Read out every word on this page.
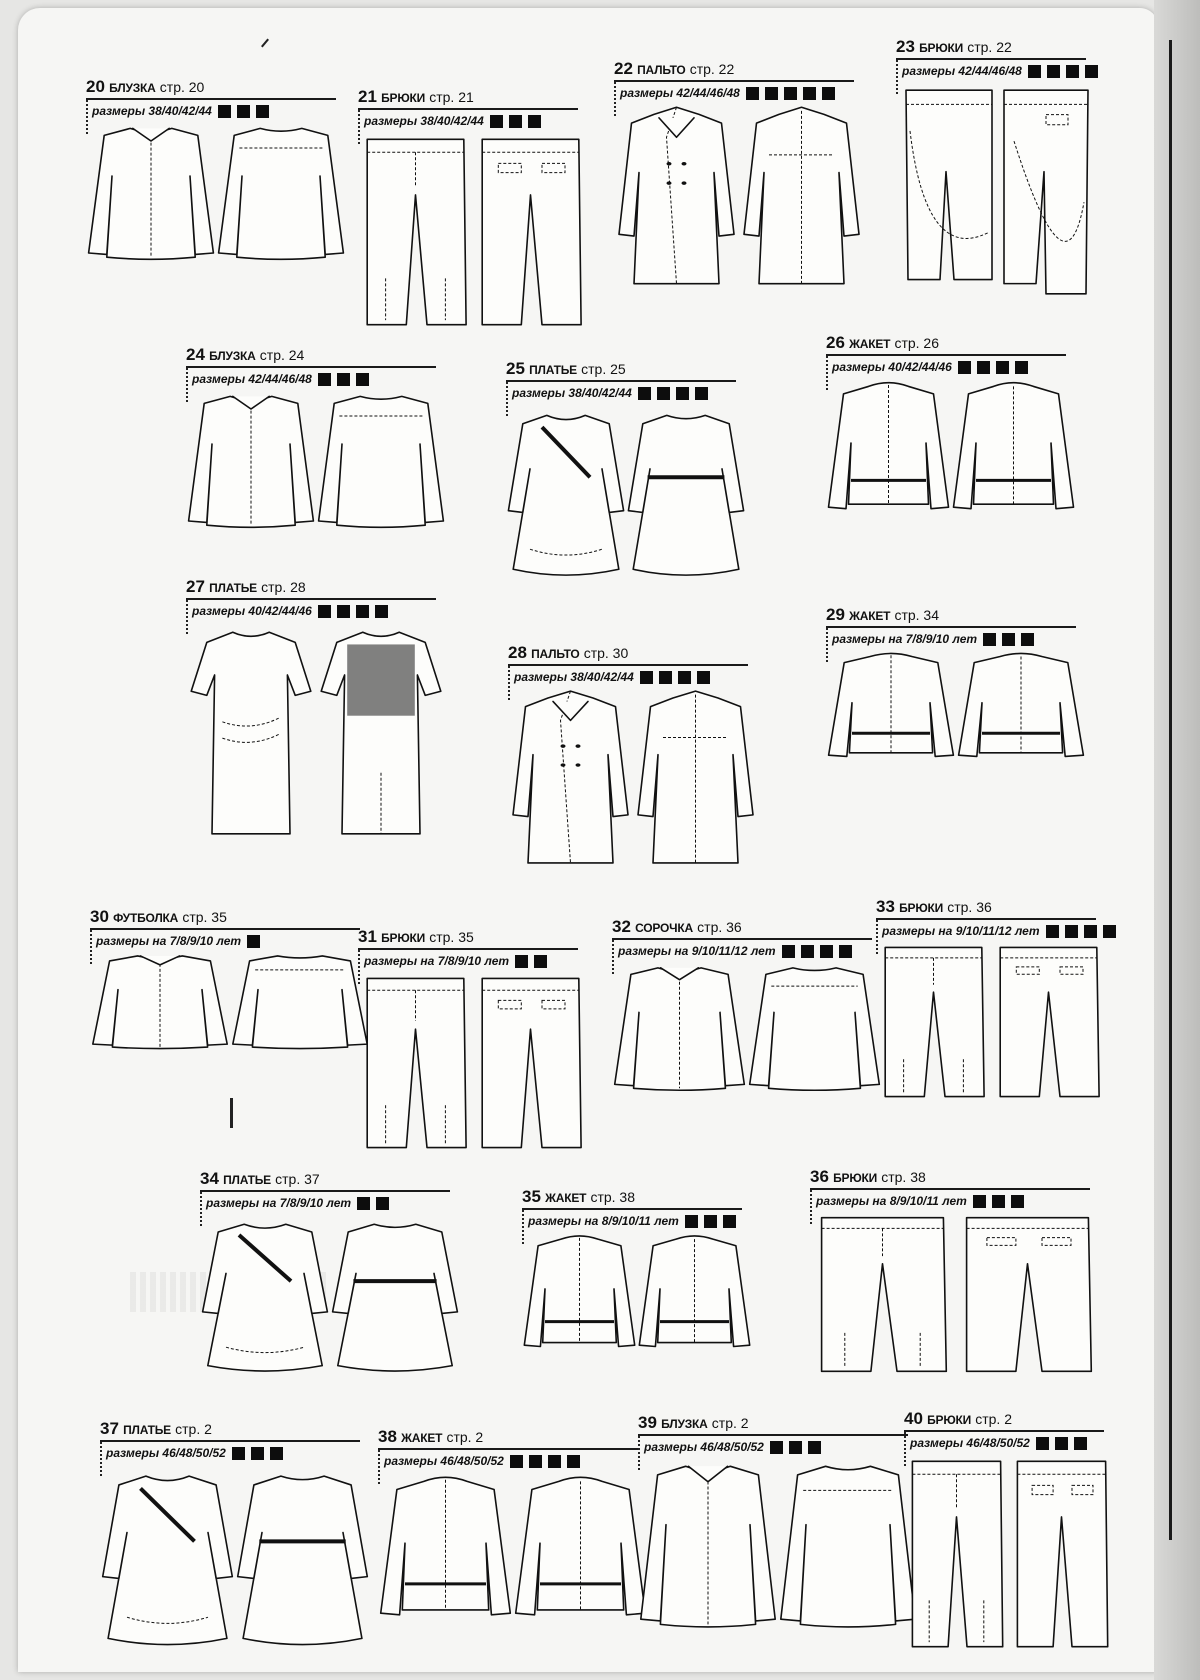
20 БЛУЗКА стр. 20
размеры 38/40/42/44
21 БРЮКИ стр. 21
размеры 38/40/42/44
22 ПАЛЬТО стр. 22
размеры 42/44/46/48
23 БРЮКИ стр. 22
размеры 42/44/46/48
24 БЛУЗКА стр. 24
размеры 42/44/46/48
25 ПЛАТЬЕ стр. 25
размеры 38/40/42/44
26 ЖАКЕТ стр. 26
размеры 40/42/44/46
27 ПЛАТЬЕ стр. 28
размеры 40/42/44/46
28 ПАЛЬТО стр. 30
размеры 38/40/42/44
29 ЖАКЕТ стр. 34
размеры на 7/8/9/10 лет
30 ФУТБОЛКА стр. 35
размеры на 7/8/9/10 лет	31 БРЮКИ стр. 35
размеры на 7/8/9/10 лет
32 СОРОЧКА стр. 36
размеры на 9/10/11/12 лет
33 БРЮКИ стр. 36
размеры на 9/10/11/12 лет
34 ПЛАТЬЕ стр. 37
размеры на 7/8/9/10 лет	35 ЖАКЕТ стр. 38
размеры на 8/9/10/11 лет
36 БРЮКИ стр. 38
размеры на 8/9/10/11 лет
37 ПЛАТЬЕ стр. 2
размеры 46/48/50/52
38 ЖАКЕТ стр. 2
размеры 46/48/50/52
39 БЛУЗКА стр. 2
размеры 46/48/50/52
40 БРЮКИ стр. 2
размеры 46/48/50/52
